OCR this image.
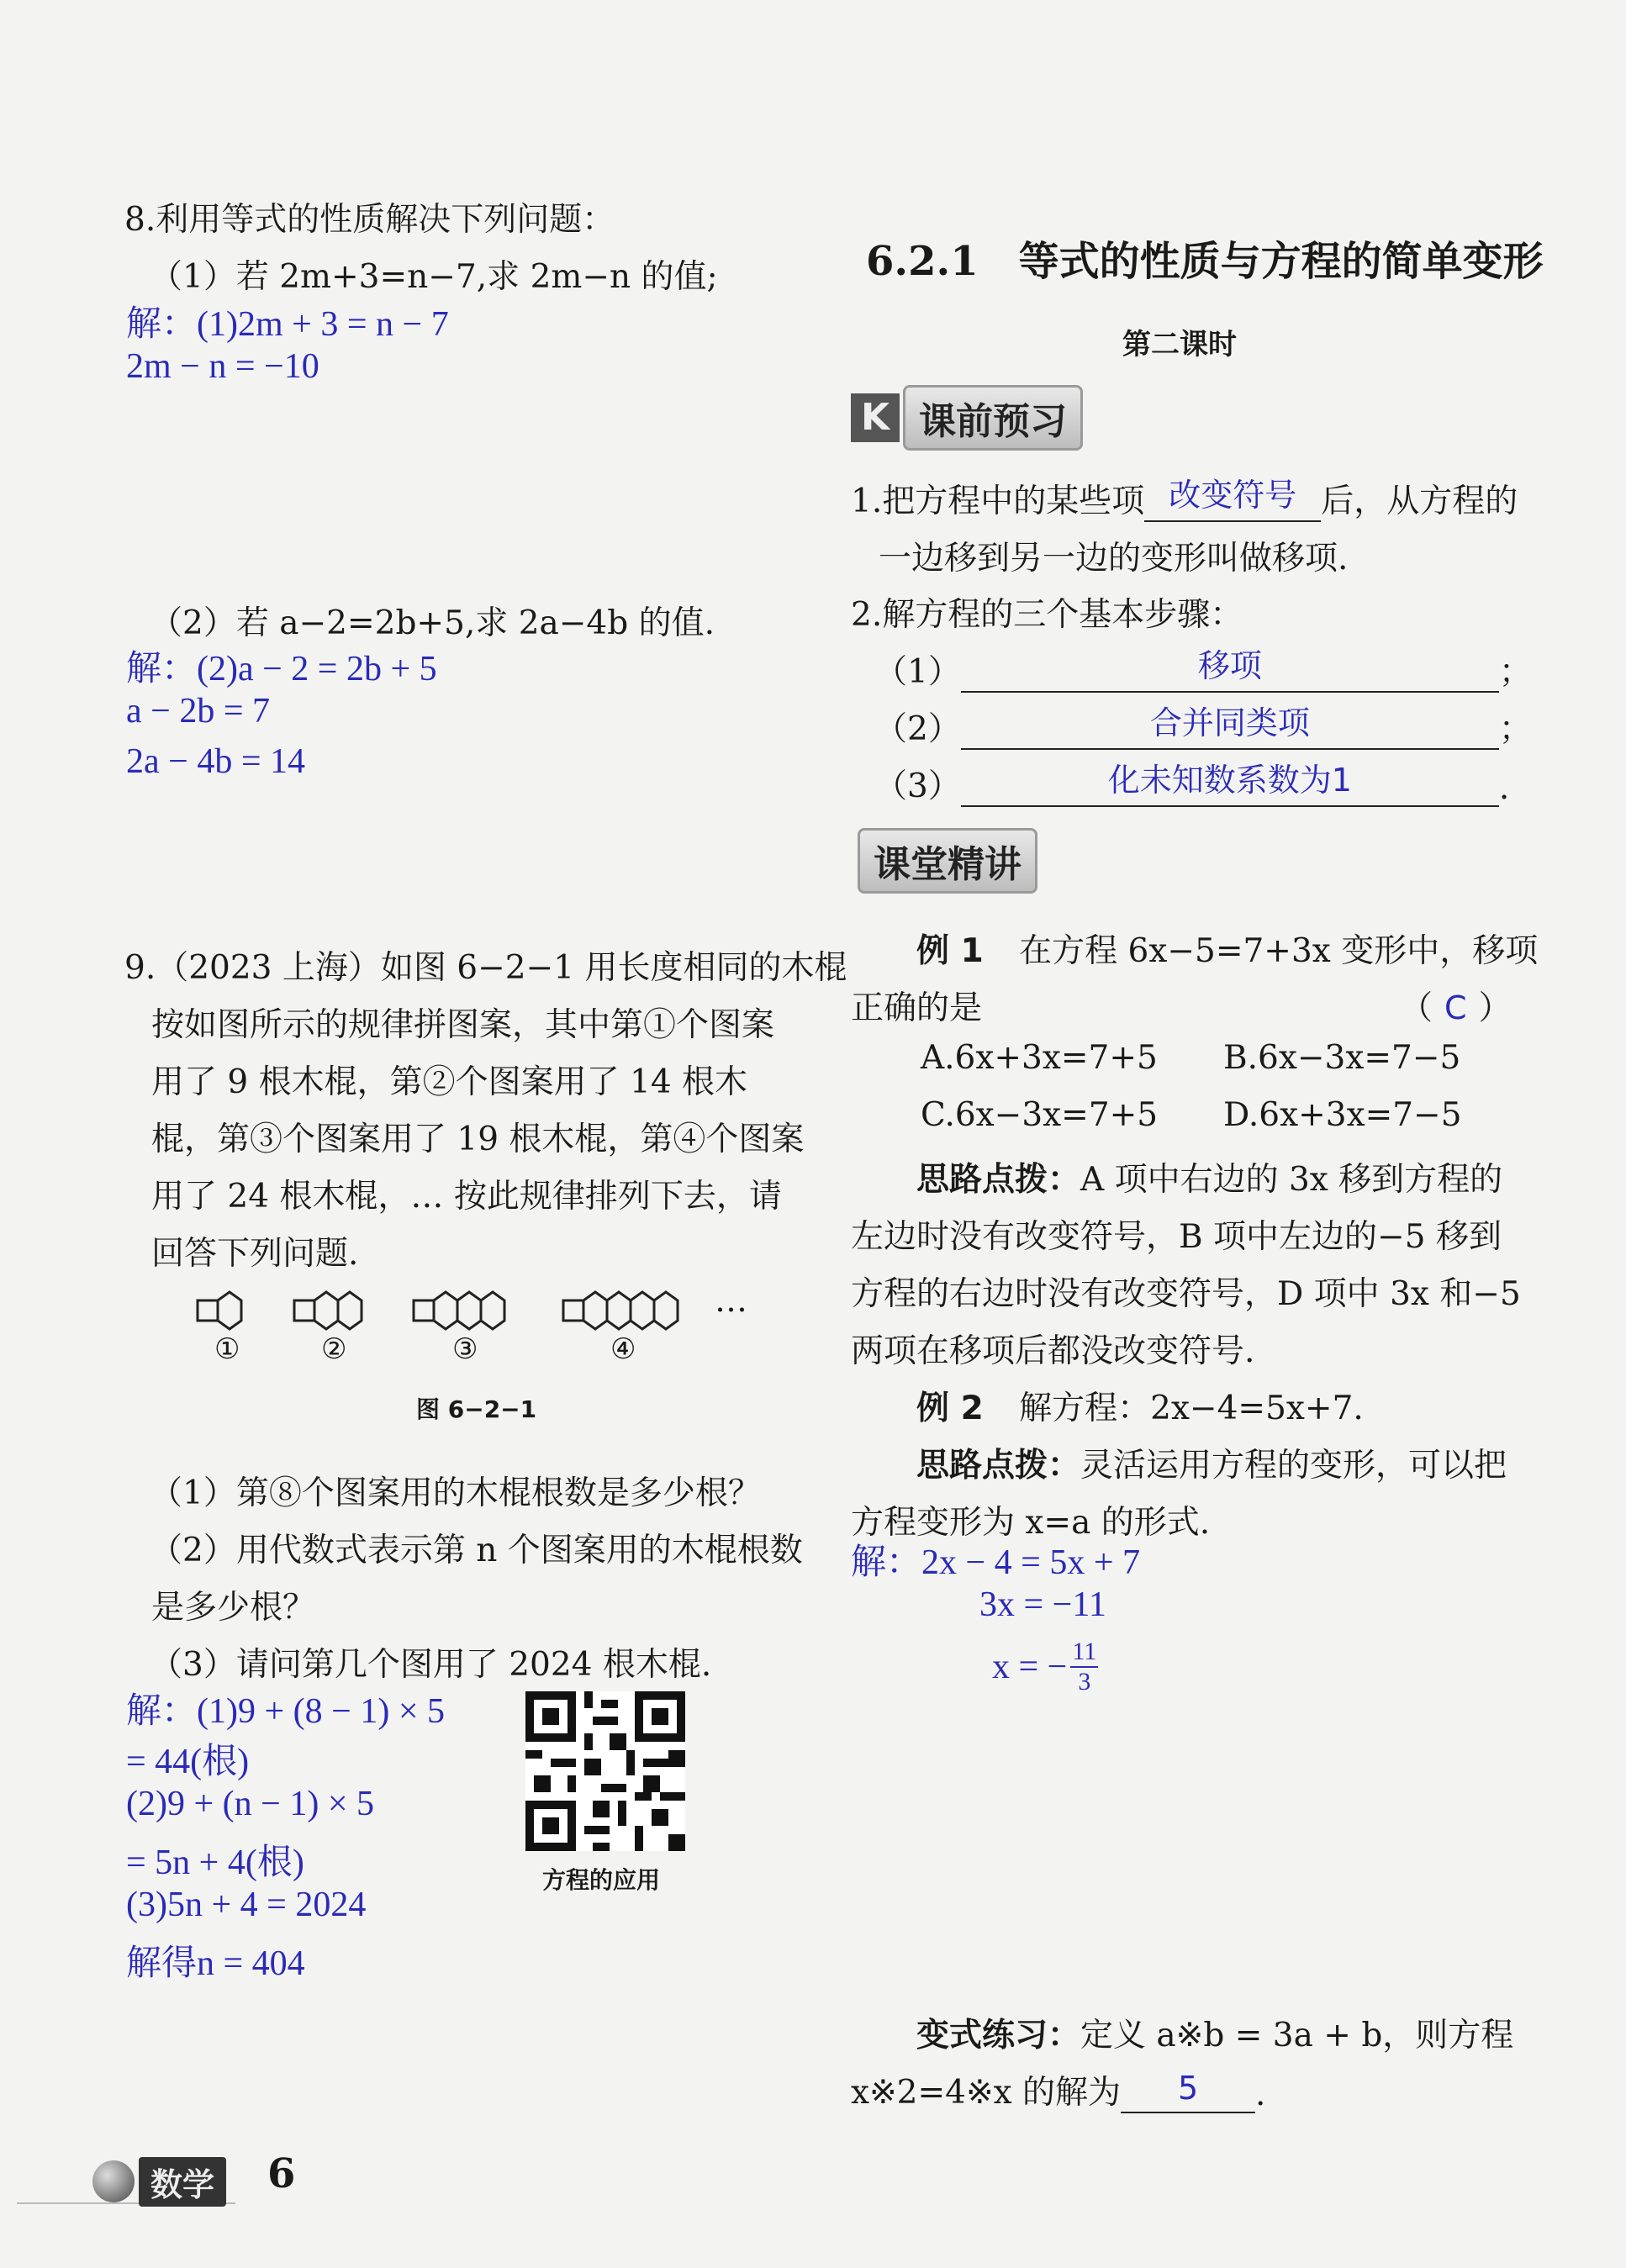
8.利用等式的性质解决下列问题：
（1）若 2m+3=n−7,求 2m−n 的值;
解：(1)2m + 3 = n − 7
2m − n = −10
（2）若 a−2=2b+5,求 2a−4b 的值.
解：(2)a − 2 = 2b + 5
a − 2b = 7
2a − 4b = 14
9.（2023 上海）如图 6−2−1 用长度相同的木棍
按如图所示的规律拼图案，其中第①个图案
用了 9 根木棍，第②个图案用了 14 根木
棍，第③个图案用了 19 根木棍，第④个图案
用了 24 根木棍，… 按此规律排列下去，请
回答下列问题.
…
①	②	③	④
图 6−2−1
（1）第⑧个图案用的木棍根数是多少根？
（2）用代数式表示第 n 个图案用的木棍根数
是多少根？
（3）请问第几个图用了 2024 根木棍.
解：(1)9 + (8 − 1) × 5
= 44(根)
(2)9 + (n − 1) × 5
= 5n + 4(根)
(3)5n + 4 = 2024
解得n = 404
方程的应用
6.2.1　等式的性质与方程的简单变形
第二课时
K 课前预习
1.把方程中的某些项 改变符号 后，从方程的
一边移到另一边的变形叫做移项.
2.解方程的三个基本步骤：
（1）	移项	；
（2）	合并同类项	；
（3）	化未知数系数为1	.
课堂精讲
例 1 在方程 6x−5=7+3x 变形中，移项
正确的是	（ C ）
A.6x+3x=7+5 B.6x−3x=7−5
C.6x−3x=7+5 D.6x+3x=7−5
思路点拨：A 项中右边的 3x 移到方程的
左边时没有改变符号，B 项中左边的−5 移到
方程的右边时没有改变符号，D 项中 3x 和−5
两项在移项后都没改变符号.
例 2 解方程：2x−4=5x+7.
思路点拨：灵活运用方程的变形，可以把
方程变形为 x=a 的形式.
解：2x − 4 = 5x + 7
3x = −11
x = − $\frac{11}{3}$
变式练习：定义 a※b = 3a + b，则方程
x※2=4※x 的解为	5	.
数学 6
